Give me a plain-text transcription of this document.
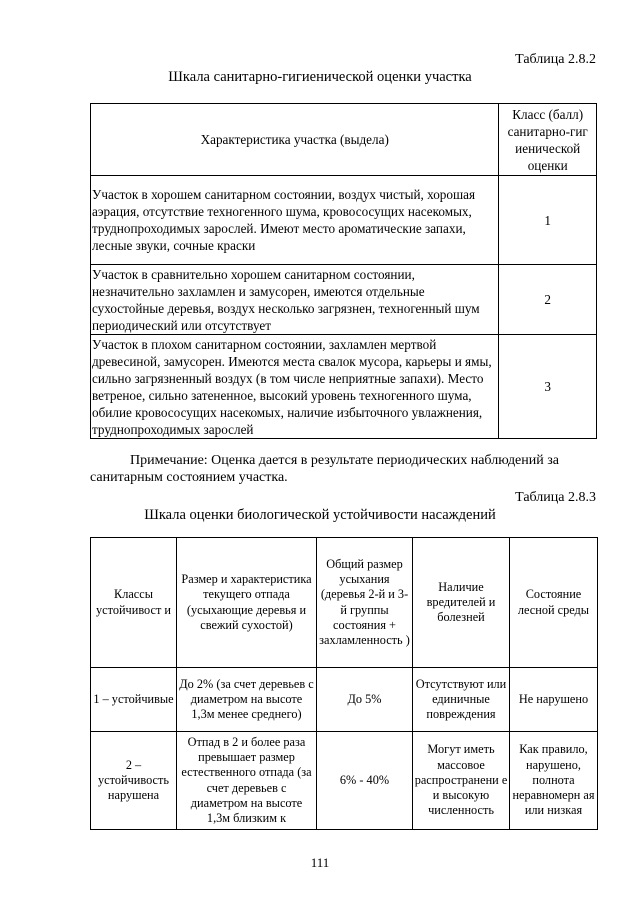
Таблица 2.8.2
Шкала санитарно-гигиенической оценки участка
Характеристика участка (выдела)	Класс (балл) санитарно-гиг иенической оценки
Участок в хорошем санитарном состоянии, воздух чистый, хорошая аэрация, отсутствие техногенного шума, кровососущих насекомых, труднопроходимых зарослей. Имеют место ароматические запахи, лесные звуки, сочные краски	1
Участок в сравнительно хорошем санитарном состоянии, незначительно захламлен и замусорен, имеются отдельные сухостойные деревья, воздух несколько загрязнен, техногенный шум периодический или отсутствует	2
Участок в плохом санитарном состоянии, захламлен мертвой древесиной, замусорен. Имеются места свалок мусора, карьеры и ямы, сильно загрязненный воздух (в том числе неприятные запахи). Место ветреное, сильно затененное, высокий уровень техногенного шума, обилие кровососущих насекомых, наличие избыточного увлажнения, труднопроходимых зарослей	3
Примечание: Оценка дается в результате периодических наблюдений за санитарным состоянием участка.
Таблица 2.8.3
Шкала оценки биологической устойчивости насаждений
Классы устойчивост и	Размер и характеристика текущего отпада (усыхающие деревья и свежий сухостой)	Общий размер усыхания (деревья 2-й и 3-й группы состояния + захламленность )	Наличие вредителей и болезней	Состояние лесной среды
1 – устойчивые	До 2% (за счет деревьев с диаметром на высоте 1,3м менее среднего)	До 5%	Отсутствуют или единичные повреждения	Не нарушено
2 – устойчивость нарушена	Отпад в 2 и более раза превышает размер естественного отпада (за счет деревьев с диаметром на высоте 1,3м близким к	6% - 40%	Могут иметь массовое распространени е и высокую численность	Как правило, нарушено, полнота неравномерн ая или низкая
111
